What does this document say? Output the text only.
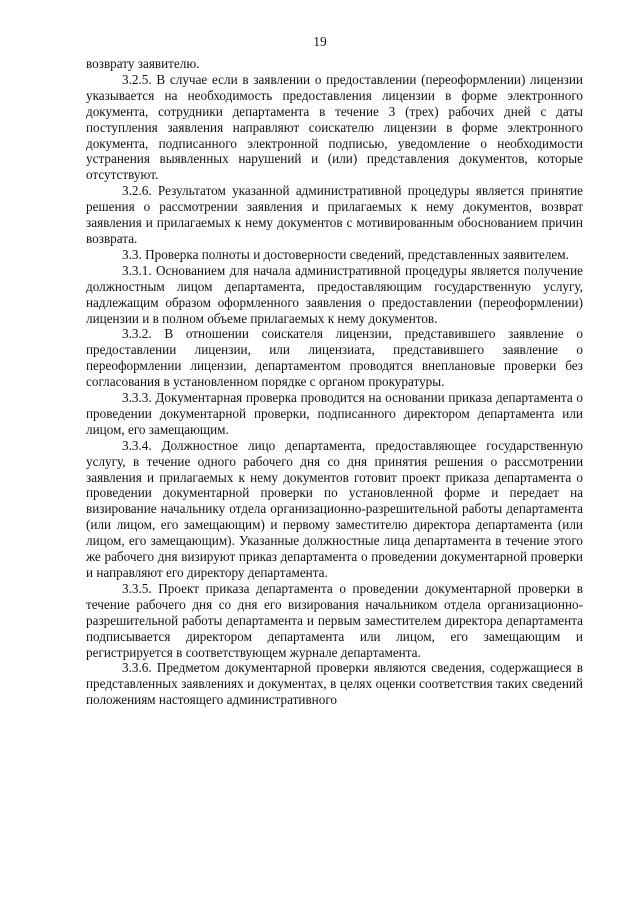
19

возврату заявителю.

3.2.5. В случае если в заявлении о предоставлении (переоформлении) лицензии указывается на необходимость предоставления лицензии в форме электронного документа, сотрудники департамента в течение 3 (трех) рабочих дней с даты поступления заявления направляют соискателю лицензии в форме электронного документа, подписанного электронной подписью, уведомление о необходимости устранения выявленных нарушений и (или) представления документов, которые отсутствуют.

3.2.6. Результатом указанной административной процедуры является принятие решения о рассмотрении заявления и прилагаемых к нему документов, возврат заявления и прилагаемых к нему документов с мотивированным обоснованием причин возврата.

3.3. Проверка полноты и достоверности сведений, представленных заявителем.

3.3.1. Основанием для начала административной процедуры является получение должностным лицом департамента, предоставляющим государственную услугу, надлежащим образом оформленного заявления о предоставлении (переоформлении) лицензии и в полном объеме прилагаемых к нему документов.

3.3.2. В отношении соискателя лицензии, представившего заявление о предоставлении лицензии, или лицензиата, представившего заявление о переоформлении лицензии, департаментом проводятся внеплановые проверки без согласования в установленном порядке с органом прокуратуры.

3.3.3. Документарная проверка проводится на основании приказа департамента о проведении документарной проверки, подписанного директором департамента или лицом, его замещающим.

3.3.4. Должностное лицо департамента, предоставляющее государственную услугу, в течение одного рабочего дня со дня принятия решения о рассмотрении заявления и прилагаемых к нему документов готовит проект приказа департамента о проведении документарной проверки по установленной форме и передает на визирование начальнику отдела организационно-разрешительной работы департамента (или лицом, его замещающим) и первому заместителю директора департамента (или лицом, его замещающим). Указанные должностные лица департамента в течение этого же рабочего дня визируют приказ департамента о проведении документарной проверки и направляют его директору департамента.

3.3.5. Проект приказа департамента о проведении документарной проверки в течение рабочего дня со дня его визирования начальником отдела организационно-разрешительной работы департамента и первым заместителем директора департамента подписывается директором департамента или лицом, его замещающим и регистрируется в соответствующем журнале департамента.

3.3.6. Предметом документарной проверки являются сведения, содержащиеся в представленных заявлениях и документах, в целях оценки соответствия таких сведений положениям настоящего административного
